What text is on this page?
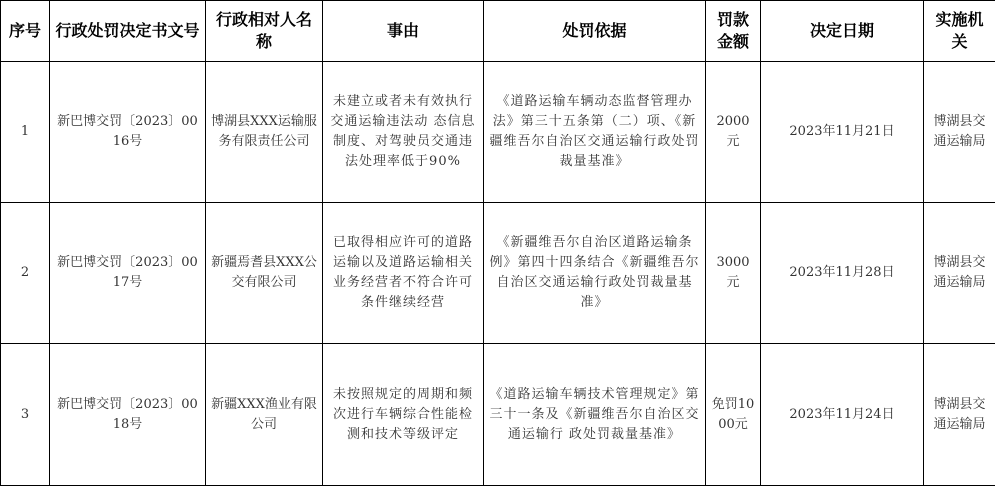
序号	行政处罚决定书文号	行政相对人名称	事由	处罚依据	罚款金额	决定日期	实施机关
1	新巴博交罚〔2023〕0016号	博湖县XXX运输服务有限责任公司	未建立或者未有效执行交通运输违法动 态信息制度、对驾驶员交通违法处理率低于90%	《道路运输车辆动态监督管理办法》第三十五条第（二）项、《新疆维吾尔自治区交通运输行政处罚裁量基准》	2000元	2023年11月21日	博湖县交通运输局
2	新巴博交罚〔2023〕0017号	新疆焉耆县XXX公交有限公司	已取得相应许可的道路运输以及道路运输相关业务经营者不符合许可条件继续经营	《新疆维吾尔自治区道路运输条例》第四十四条结合《新疆维吾尔自治区交通运输行政处罚裁量基准》	3000元	2023年11月28日	博湖县交通运输局
3	新巴博交罚〔2023〕0018号	新疆XXX渔业有限公司	未按照规定的周期和频次进行车辆综合性能检测和技术等级评定	《道路运输车辆技术管理规定》第三十一条及《新疆维吾尔自治区交通运输行 政处罚裁量基准》	免罚1000元	2023年11月24日	博湖县交通运输局
